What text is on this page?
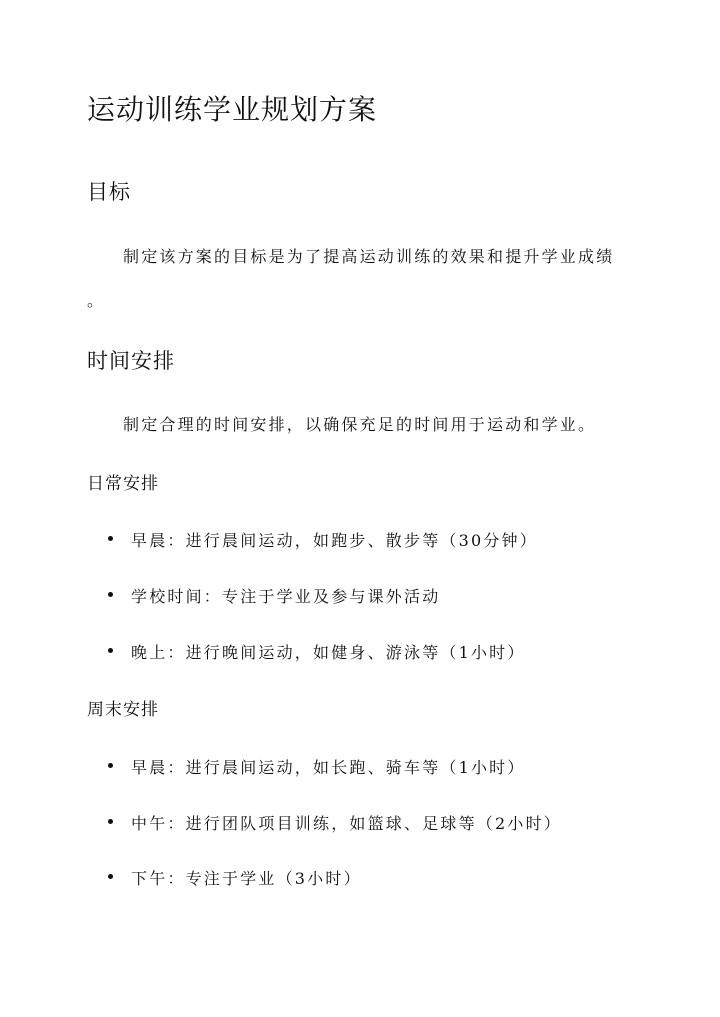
运动训练学业规划方案
目标

制定该方案的目标是为了提高运动训练的效果和提升学业成绩

。

时间安排

制定合理的时间安排，以确保充足的时间用于运动和学业。

日常安排
早晨：进行晨间运动，如跑步、散步等（30分钟）
学校时间：专注于学业及参与课外活动
晚上：进行晚间运动，如健身、游泳等（1小时）
周末安排
早晨：进行晨间运动，如长跑、骑车等（1小时）
中午：进行团队项目训练，如篮球、足球等（2小时）
下午：专注于学业（3小时）
